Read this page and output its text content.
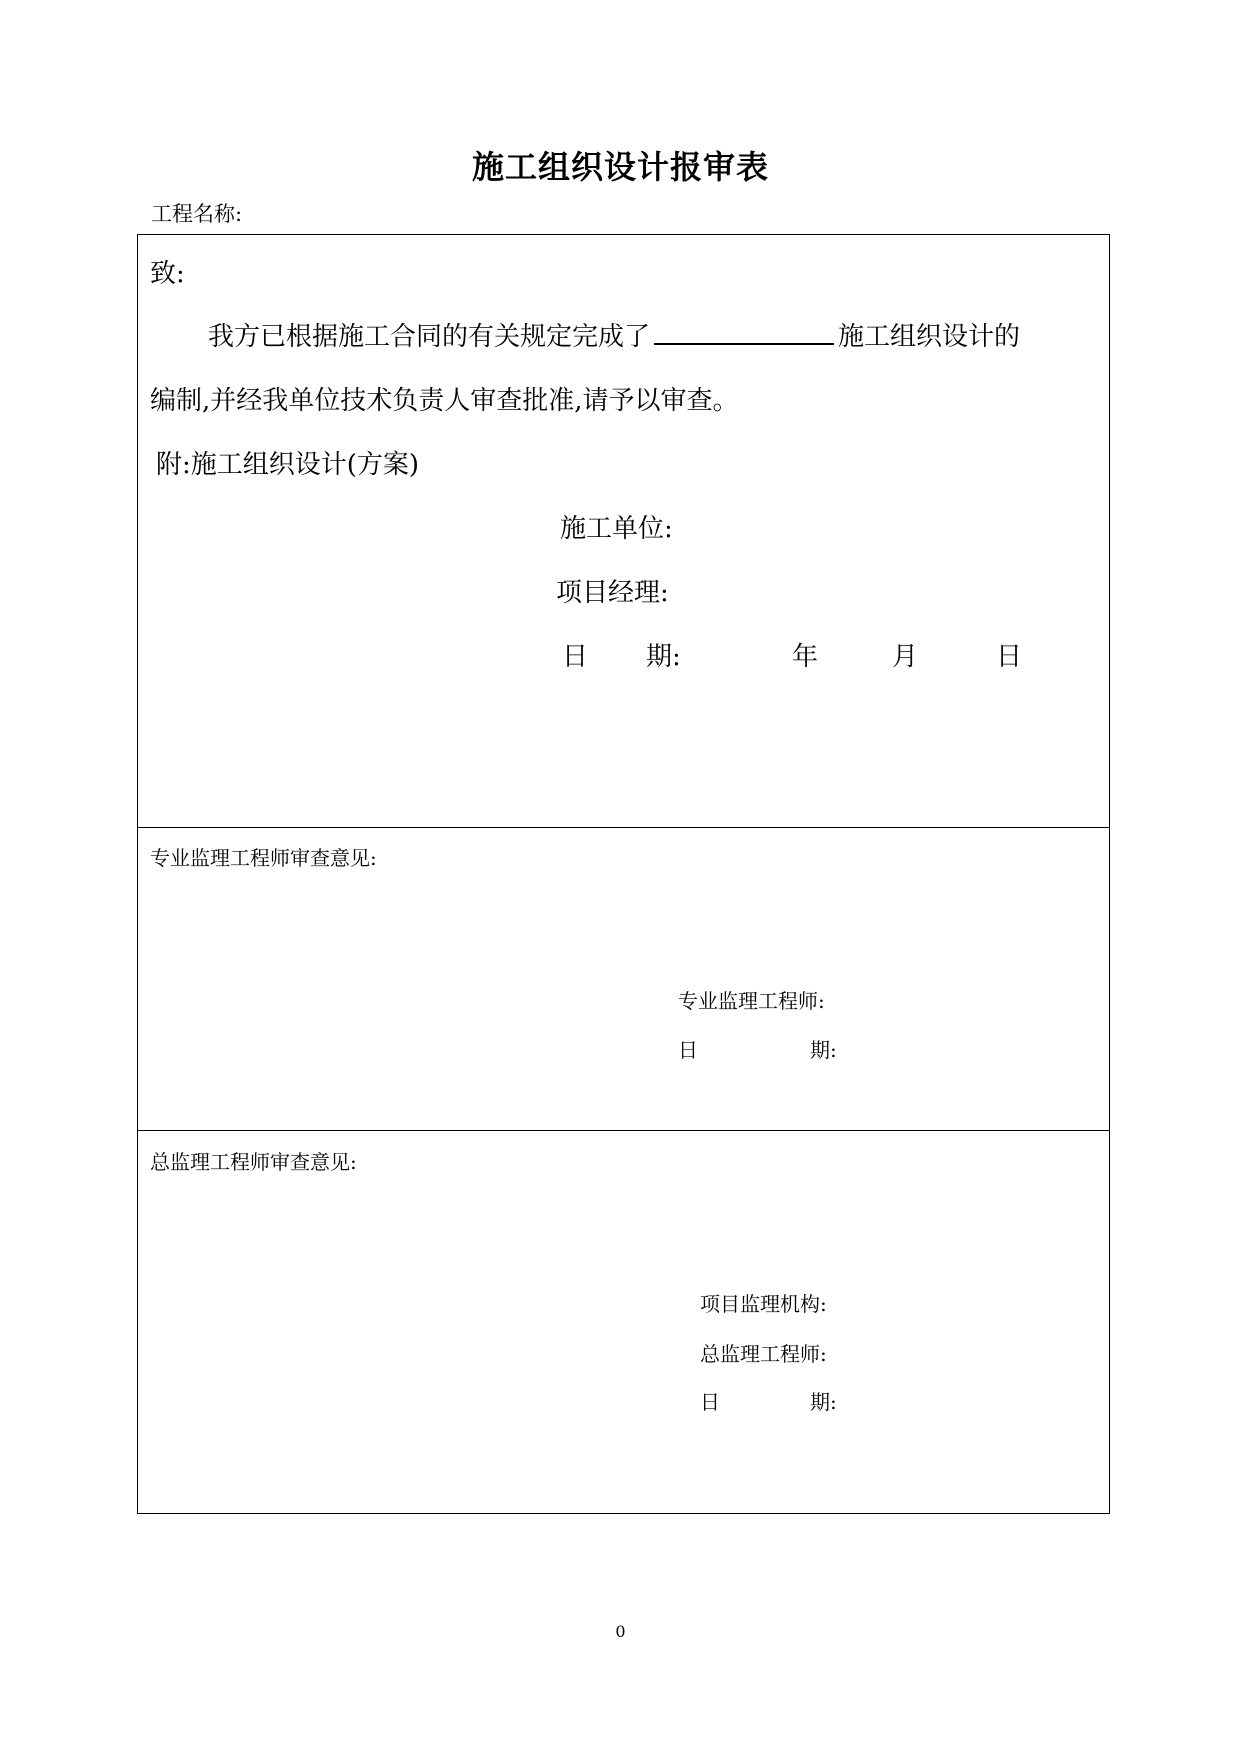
施工组织设计报审表
工程名称:
致:
我方已根据施工合同的有关规定完成了	施工组织设计的
编制,并经我单位技术负责人审查批准,请予以审查。
附:施工组织设计(方案)
施工单位:
项目经理:
日 期:	年	月	日
专业监理工程师审查意见:
专业监理工程师:
日	期:
总监理工程师审查意见:
项目监理机构:
总监理工程师:
日	期:
0
